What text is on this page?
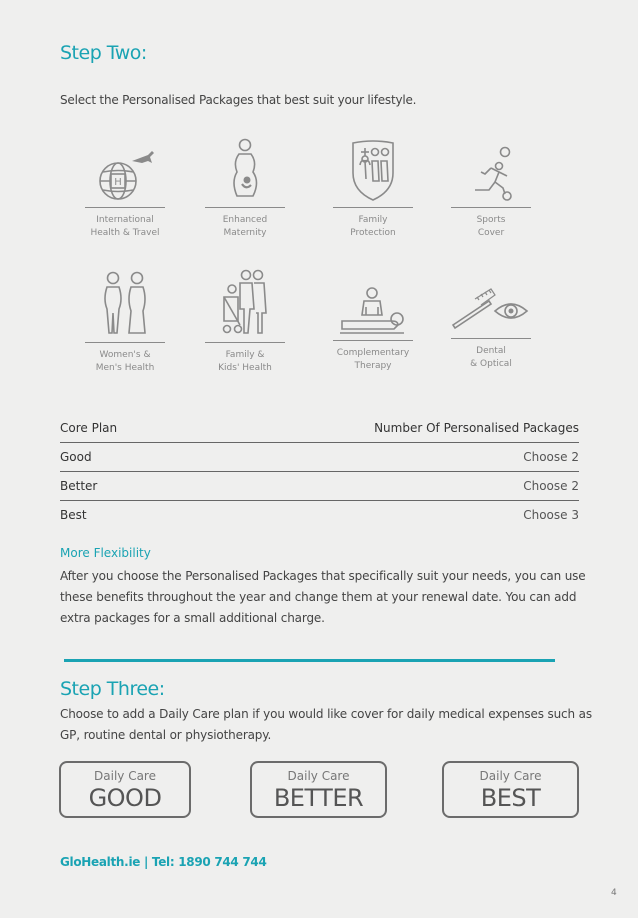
Step Two:
Select the Personalised Packages that best suit your lifestyle.
H
International
Health & Travel
Enhanced
Maternity
Family
Protection
Sports
Cover
Women's &
Men's Health
Family &
Kids' Health
Complementary
Therapy
Dental
& Optical
Core Plan	Number Of Personalised Packages
Good	Choose 2
Better	Choose 2
Best	Choose 3
More Flexibility
After you choose the Personalised Packages that specifically suit your needs, you can use
these benefits throughout the year and change them at your renewal date. You can add
extra packages for a small additional charge.
Step Three:
Choose to add a Daily Care plan if you would like cover for daily medical expenses such as
GP, routine dental or physiotherapy.
Daily Care
GOOD
Daily Care
BETTER
Daily Care
BEST
GloHealth.ie | Tel: 1890 744 744
4
